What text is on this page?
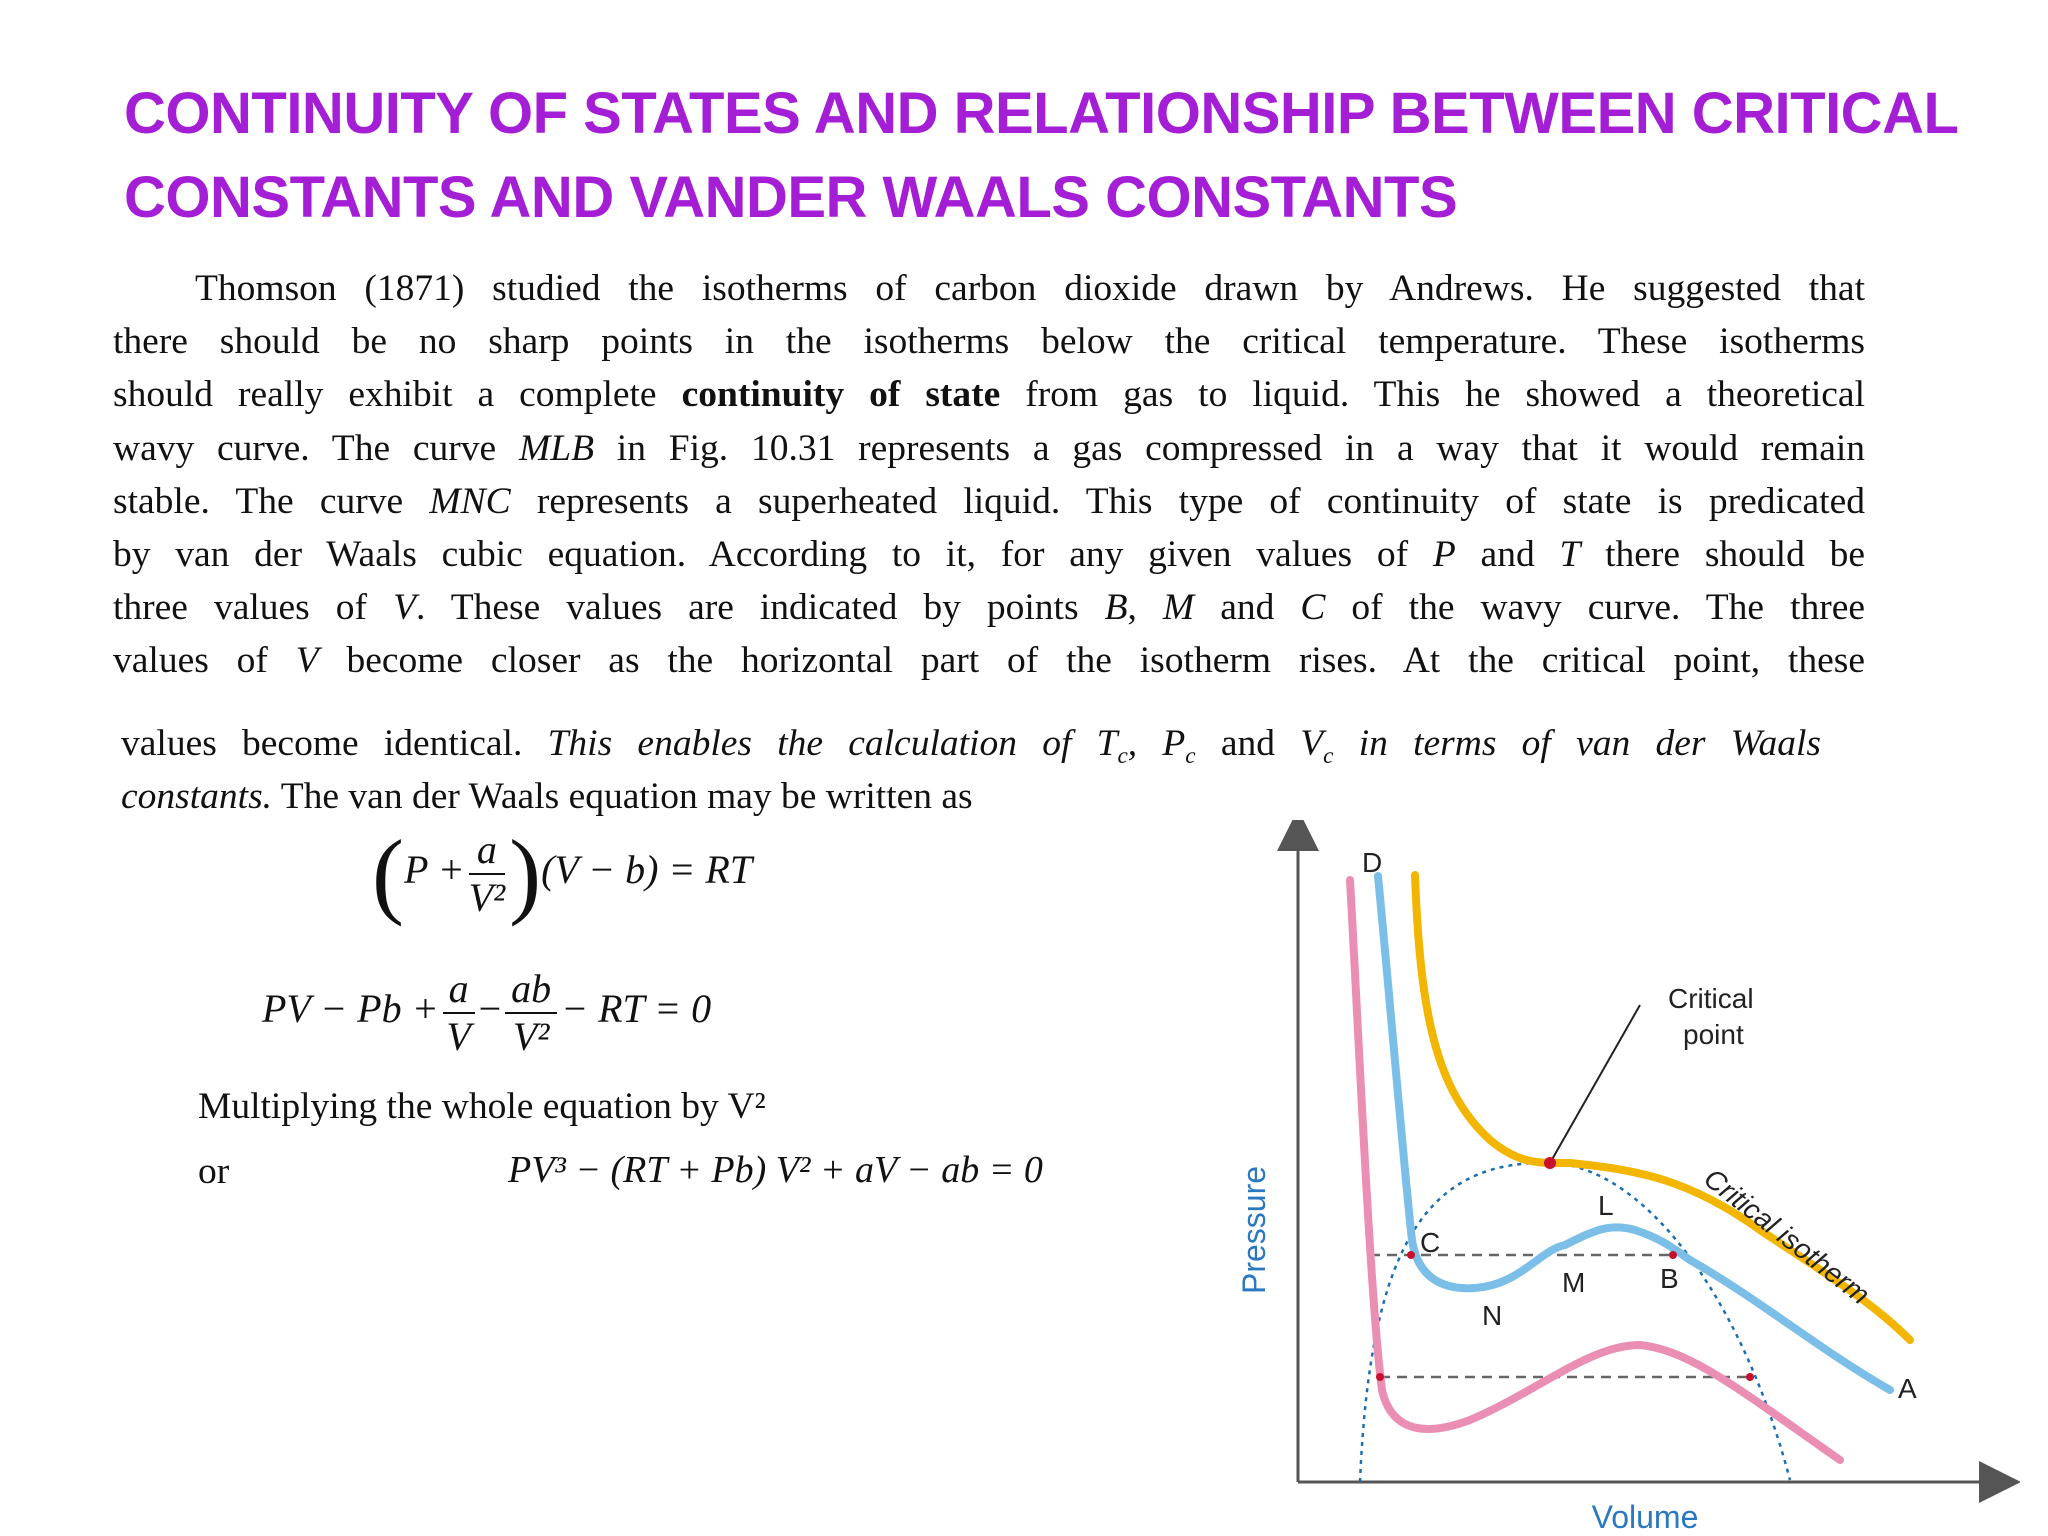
CONTINUITY OF STATES AND RELATIONSHIP BETWEEN CRITICAL
CONSTANTS AND VANDER WAALS CONSTANTS
Thomson (1871) studied the isotherms of carbon dioxide drawn by Andrews. He suggested that
there should be no sharp points in the isotherms below the critical temperature. These isotherms
should really exhibit a complete continuity of state from gas to liquid. This he showed a theoretical
wavy curve. The curve MLB in Fig. 10.31 represents a gas compressed in a way that it would remain
stable. The curve MNC represents a superheated liquid. This type of continuity of state is predicated
by van der Waals cubic equation. According to it, for any given values of P and T there should be
three values of V. These values are indicated by points B, M and C of the wavy curve. The three
values of V become closer as the horizontal part of the isotherm rises. At the critical point, these
values become identical. This enables the calculation of $T_c$, $P_c$ and $V_c$ in terms of van der Waals
constants. The van der Waals equation may be written as
$(P + \frac{a}{\text{V²}} )(V - b)$ = RT
PV − $Pb + \frac{a}{V} - \frac{ab}{\text{V²}}$ − RT = 0
Multiplying the whole equation by V²
or	PV³ − (RT + Pb) V² + aV − ab = 0
D
C
L
M	B
N
A
Critical
point
Critical isotherm
Pressure
Volume
